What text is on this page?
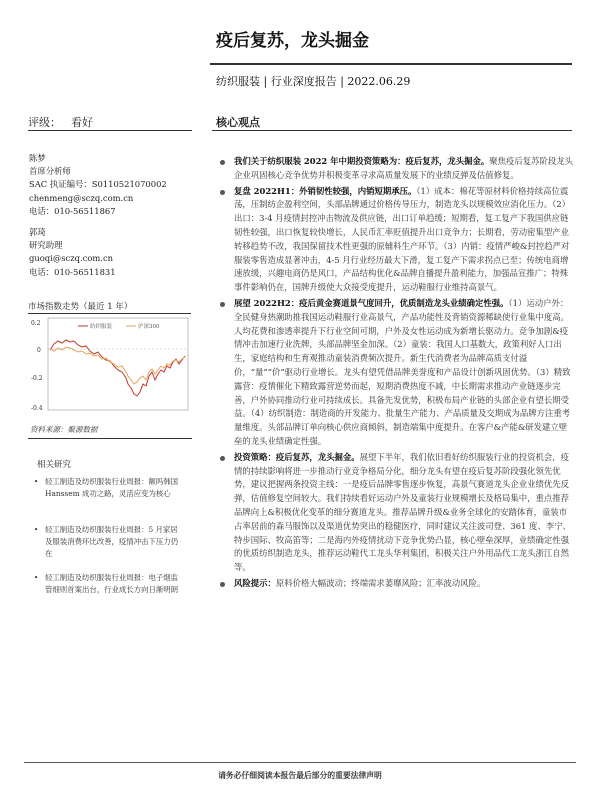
疫后复苏，龙头掘金
纺织服装 | 行业深度报告 | 2022.06.29
评级： 看好	核心观点
陈梦
首席分析师
SAC 执证编号：S0110521070002
chenmeng@sczq.com.cn
电话：010-56511867
郭琦
研究助理
guoqi@sczq.com.cn
电话：010-56511831
市场指数走势（最近 1 年）
0.2
0
-0.2
-0.4
纺织服装	沪深300
资料来源：聚源数据
相关研究
• 轻工制造及纺织服装行业周报：额吗韩国 Hanssem 成功之路，灵活应变为核心
• 轻工制造及纺织服装行业周报：5 月家居及服装消费环比改善，疫情冲击下压力仍在
• 轻工制造及纺织服装行业周报：电子烟监管细则首案出台，行业成长方向日渐明朗
我们关于纺织服装 2022 年中期投资策略为：疫后复苏，龙头掘金。聚焦疫后复苏阶段龙头企业巩固核心竞争优势并积极变革寻求高质量发展下的业绩反弹及估值修复。
复盘 2022H1：外销韧性较强，内销短期承压。（1）成本：棉花等原材料价格持续高位震荡，压制纺企盈利空间，头部品牌通过价格传导压力，制造龙头以规模效应消化压力。（2）出口：3-4 月疫情封控冲击物流及供应链，出口订单趋缓；短期看，复工复产下我国供应链韧性较强，出口恢复较快增长，人民币汇率贬值提升出口竞争力；长期看，劳动密集型产业转移趋势不改，我国保留技术性更强的原辅料生产环节。（3）内销：疫情严峻&封控趋严对服装零售造成显著冲击，4-5 月行业经历最大下滑，复工复产下需求拐点已至；传统电商增速放缓，兴趣电商仍是风口，产品结构优化&品牌自播提升盈利能力，加强品宣推广；特殊事件影响仍在，国牌升级使大众接受度提升，运动鞋服行业维持高景气。
展望 2022H2：疫后黄金赛道景气度回升，优质制造龙头业绩确定性强。（1）运动户外：全民健身热潮助推我国运动鞋服行业高景气，产品功能性及背销资源稀缺使行业集中度高。人均花费和渗透率提升下行业空间可期，户外及女性运动成为新增长驱动力。竞争加剧&疫情冲击加速行业洗牌，头部品牌坚金加深。（2）童装：我国人口基数大，政策利好人口出生，家庭结构和生育观推动童装消费频次提升。新生代消费者为品牌高质支付溢价，“量”“价”驱动行业增长。龙头有望凭借品牌美誉度和产品设计创新巩固优势。（3）精致露营：疫情催化下精致露营逆势而起，短期消费热度不减，中长期需求推动产业链逐步完善，户外协同推动行业可持续成长。具备先发优势，积极布局产业链的头部企业有望长期受益。（4）纺织制造：制造商的开发能力、批量生产能力、产品质量及交期成为品牌方注重考量维度。头部品牌订单向核心供应商倾斜，制造端集中度提升。在客户&产能&研发建立壁垒的龙头业绩确定性强。
投资策略：疫后复苏，龙头掘金。展望下半年，我们依旧看好纺织服装行业的投资机会，疫情的持续影响将进一步推动行业竞争格局分化，细分龙头有望在疫后复苏阶段强化领先优势，建议把握两条投资主线：一是疫后品牌零售逐步恢复，高景气赛道龙头企业业绩优先反弹，估值修复空间较大。我们持续看好运动户外及童装行业规模增长及格局集中，重点推荐品牌向上&积极优化变革的细分赛道龙头。推荐品牌升级&业务全球化的安踏体育，童装市占率居前的森马服饰以及渠道优势突出的稳健医疗，同时建议关注波司登、361 度、李宁、特步国际、牧高笛等；二是海内外疫情扰动下竞争优势凸显，核心壁垒深厚，业绩确定性强的优质纺织制造龙头，推荐运动鞋代工龙头华利集团，积极关注户外用品代工龙头浙江自然等。
风险提示：原料价格大幅波动；终端需求萎靡风险；汇率波动风险。
请务必仔细阅读本报告最后部分的重要法律声明
